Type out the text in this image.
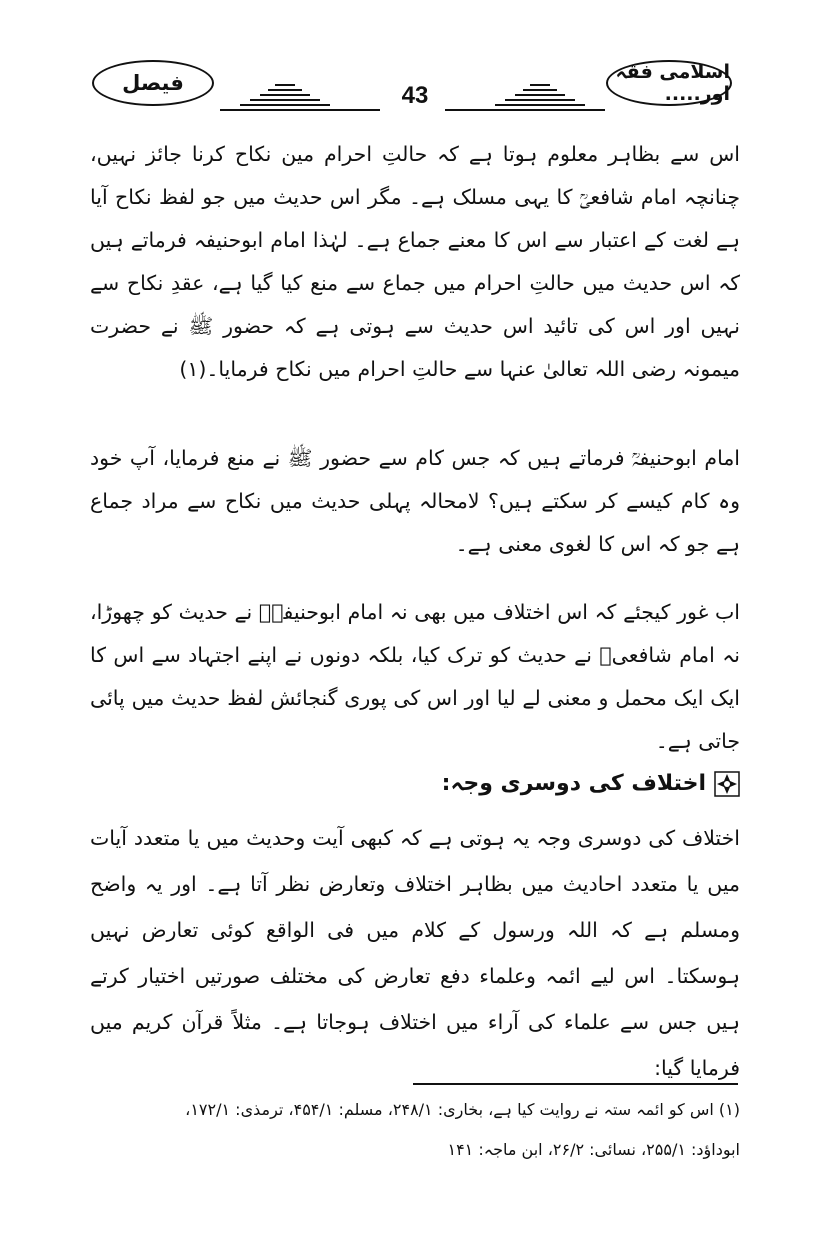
فیصل	43
اسلامی فقہ اور.....

اس سے بظاہر معلوم ہوتا ہے کہ حالتِ احرام مین نکاح کرنا جائز نہیں، چنانچہ امام شافعیؒ کا یہی مسلک ہے۔ مگر اس حدیث میں جو لفظ نکاح آیا ہے لغت کے اعتبار سے اس کا معنے جماع ہے۔ لہٰذا امام ابوحنیفہ فرماتے ہیں کہ اس حدیث میں حالتِ احرام میں جماع سے منع کیا گیا ہے، عقدِ نکاح سے نہیں اور اس کی تائید اس حدیث سے ہوتی ہے کہ حضور ﷺ نے حضرت میمونہ رضی اللہ تعالیٰ عنہا سے حالتِ احرام میں نکاح فرمایا۔(۱)

امام ابوحنیفہؒ فرماتے ہیں کہ جس کام سے حضور ﷺ نے منع فرمایا، آپ خود وہ کام کیسے کر سکتے ہیں؟ لامحالہ پہلی حدیث میں نکاح سے مراد جماع ہے جو کہ اس کا لغوی معنی ہے۔

اب غور کیجئے کہ اس اختلاف میں بھی نہ امام ابوحنیفہؒ نے حدیث کو چھوڑا، نہ امام شافعیؒ نے حدیث کو ترک کیا، بلکہ دونوں نے اپنے اجتہاد سے اس کا ایک ایک محمل و معنی لے لیا اور اس کی پوری گنجائش لفظ حدیث میں پائی جاتی ہے۔

اختلاف کی دوسری وجہ:

اختلاف کی دوسری وجہ یہ ہوتی ہے کہ کبھی آیت وحدیث میں یا متعدد آیات میں یا متعدد احادیث میں بظاہر اختلاف وتعارض نظر آتا ہے۔ اور یہ واضح ومسلم ہے کہ اللہ ورسول کے کلام میں فی الواقع کوئی تعارض نہیں ہوسکتا۔ اس لیے ائمہ وعلماء دفع تعارض کی مختلف صورتیں اختیار کرتے ہیں جس سے علماء کی آراء میں اختلاف ہوجاتا ہے۔ مثلاً قرآن کریم میں فرمایا گیا:

(۱) اس کو ائمہ ستہ نے روایت کیا ہے، بخاری: ۲۴۸/۱، مسلم: ۴۵۴/۱، ترمذی: ۱۷۲/۱،
ابوداؤد: ۲۵۵/۱، نسائی: ۲۶/۲، ابن ماجہ: ۱۴۱
